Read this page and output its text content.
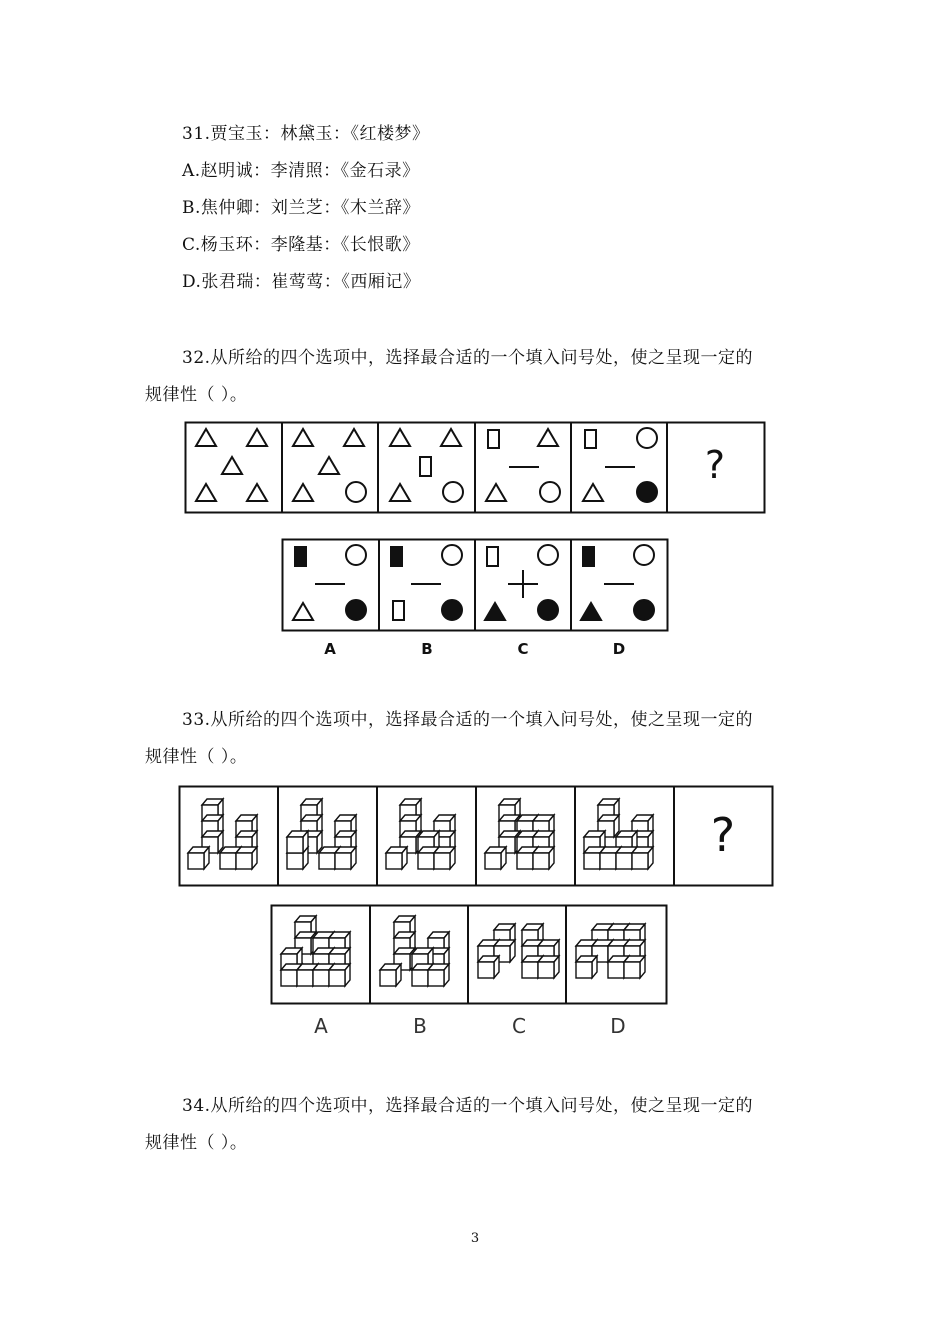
31.贾宝玉：林黛玉：《红楼梦》
A.赵明诚：李清照：《金石录》
B.焦仲卿：刘兰芝：《木兰辞》
C.杨玉环：李隆基：《长恨歌》
D.张君瑞：崔莺莺：《西厢记》
32.从所给的四个选项中，选择最合适的一个填入问号处，使之呈现一定的
规律性（ ）。
?
A	B	C	D
33.从所给的四个选项中，选择最合适的一个填入问号处，使之呈现一定的
规律性（ ）。
?
A	B	C	D
34.从所给的四个选项中，选择最合适的一个填入问号处，使之呈现一定的
规律性（ ）。
3
